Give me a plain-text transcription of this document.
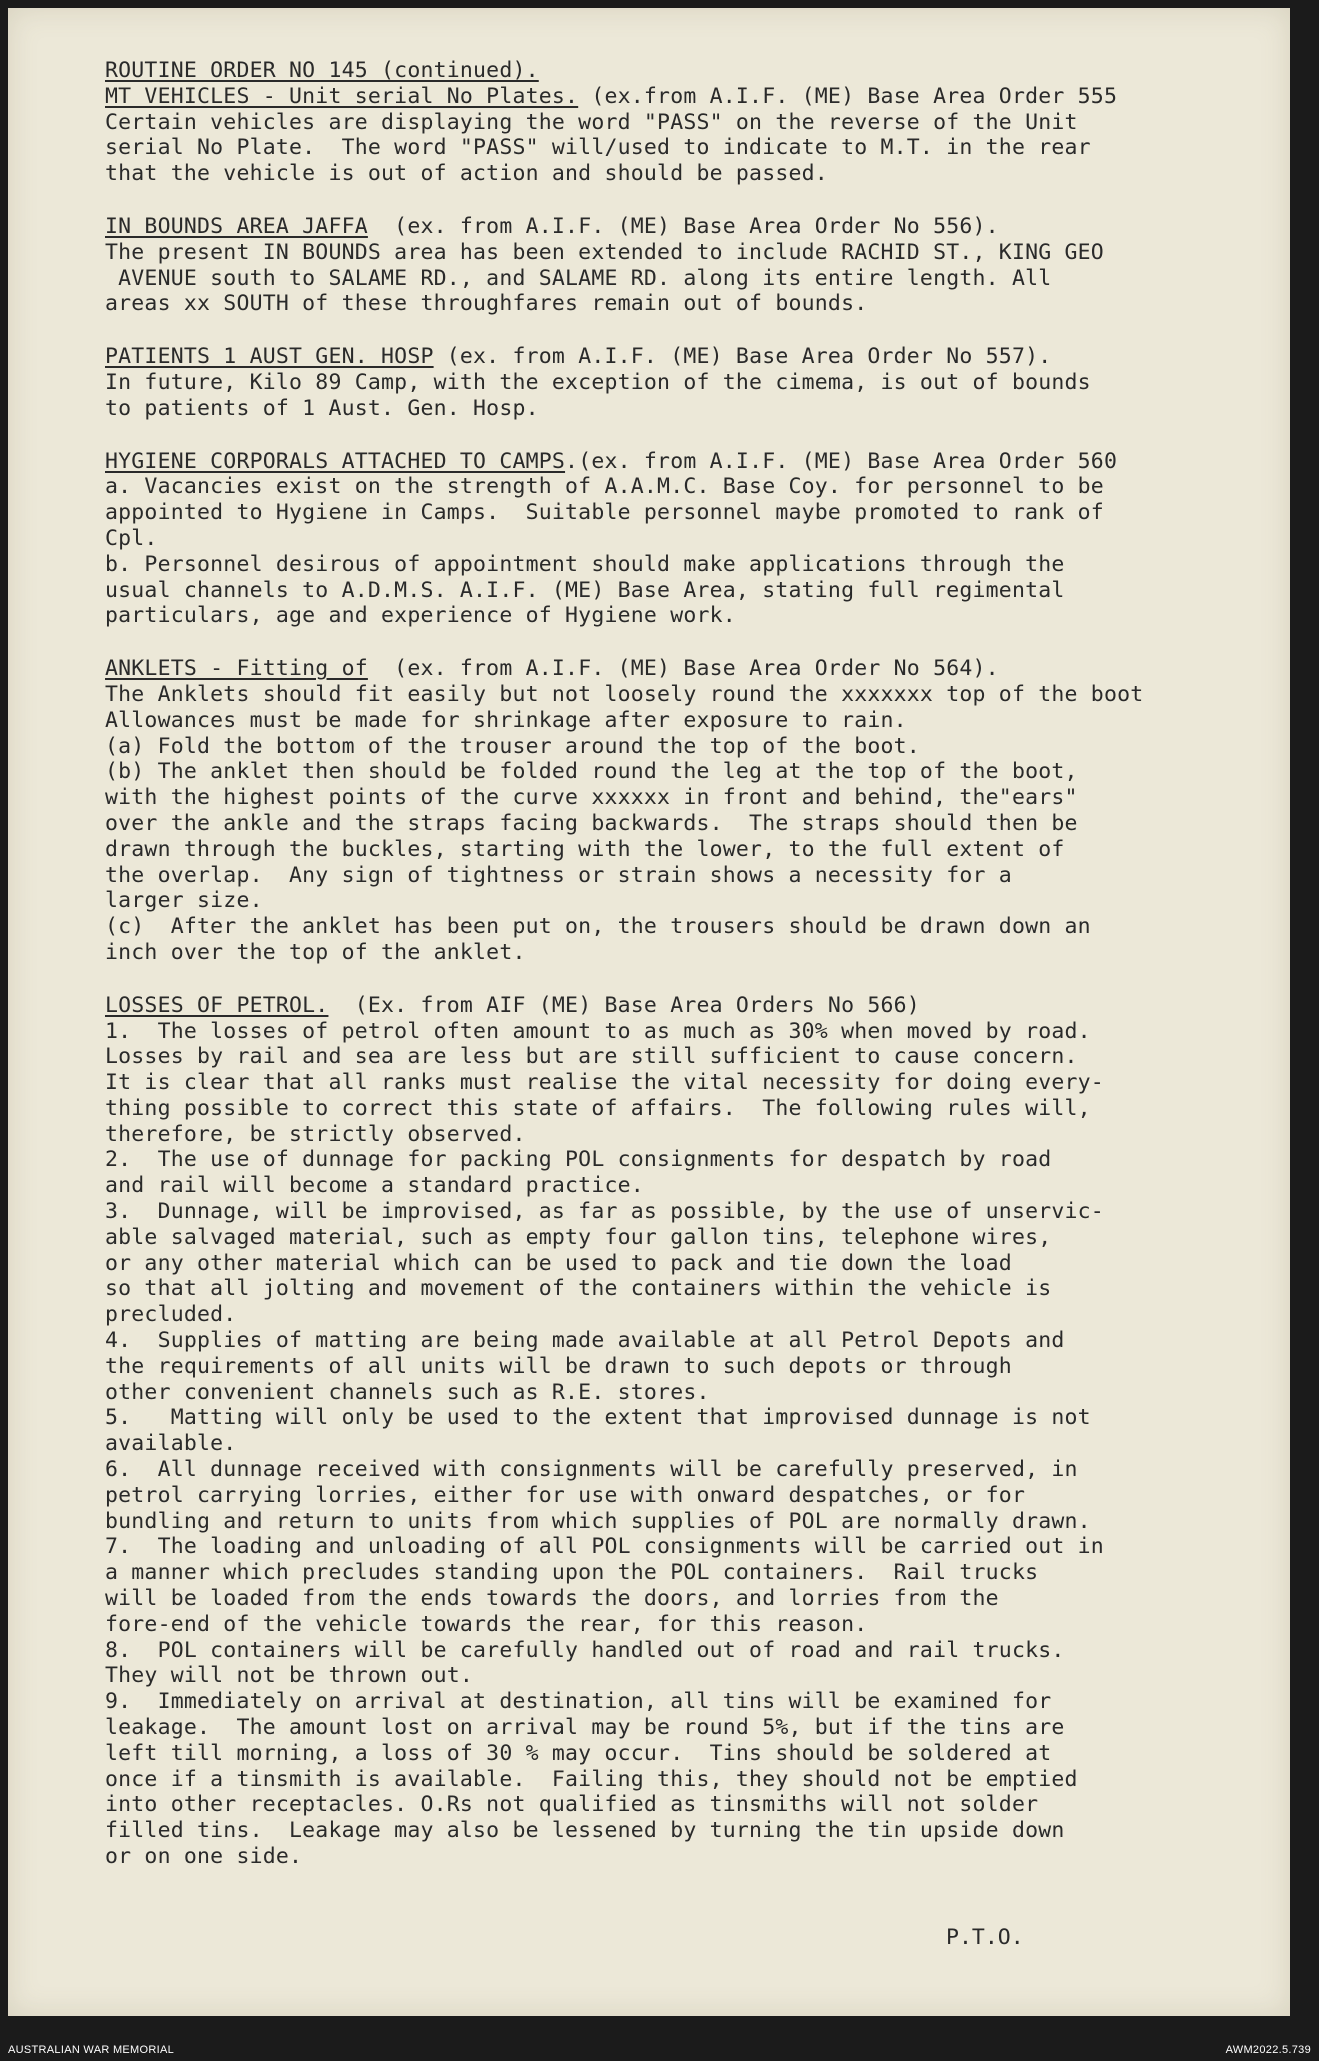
ROUTINE ORDER NO 145 (continued).

MT VEHICLES - Unit serial No Plates. (ex.from A.I.F. (ME) Base Area Order 555

Certain vehicles are displaying the word "PASS" on the reverse of the Unit

serial No Plate.  The word "PASS" will/used to indicate to M.T. in the rear

that the vehicle is out of action and should be passed.

IN BOUNDS AREA JAFFA  (ex. from A.I.F. (ME) Base Area Order No 556).

The present IN BOUNDS area has been extended to include RACHID ST., KING GEO

AVENUE south to SALAME RD., and SALAME RD. along its entire length. All

areas xx SOUTH of these throughfares remain out of bounds.

PATIENTS 1 AUST GEN. HOSP (ex. from A.I.F. (ME) Base Area Order No 557).

In future, Kilo 89 Camp, with the exception of the cimema, is out of bounds

to patients of 1 Aust. Gen. Hosp.

HYGIENE CORPORALS ATTACHED TO CAMPS.(ex. from A.I.F. (ME) Base Area Order 560

a. Vacancies exist on the strength of A.A.M.C. Base Coy. for personnel to be

appointed to Hygiene in Camps.  Suitable personnel maybe promoted to rank of

Cpl.

b. Personnel desirous of appointment should make applications through the

usual channels to A.D.M.S. A.I.F. (ME) Base Area, stating full regimental

particulars, age and experience of Hygiene work.

ANKLETS - Fitting of  (ex. from A.I.F. (ME) Base Area Order No 564).

The Anklets should fit easily but not loosely round the xxxxxxx top of the boot

Allowances must be made for shrinkage after exposure to rain.

(a) Fold the bottom of the trouser around the top of the boot.

(b) The anklet then should be folded round the leg at the top of the boot,

with the highest points of the curve xxxxxx in front and behind, the"ears"

over the ankle and the straps facing backwards.  The straps should then be

drawn through the buckles, starting with the lower, to the full extent of

the overlap.  Any sign of tightness or strain shows a necessity for a

larger size.

(c)  After the anklet has been put on, the trousers should be drawn down an

inch over the top of the anklet.

LOSSES OF PETROL.  (Ex. from AIF (ME) Base Area Orders No 566)

1.  The losses of petrol often amount to as much as 30% when moved by road.

Losses by rail and sea are less but are still sufficient to cause concern.

It is clear that all ranks must realise the vital necessity for doing every-

thing possible to correct this state of affairs.  The following rules will,

therefore, be strictly observed.

2.  The use of dunnage for packing POL consignments for despatch by road

and rail will become a standard practice.

3.  Dunnage, will be improvised, as far as possible, by the use of unservic-

able salvaged material, such as empty four gallon tins, telephone wires,

or any other material which can be used to pack and tie down the load

so that all jolting and movement of the containers within the vehicle is

precluded.

4.  Supplies of matting are being made available at all Petrol Depots and

the requirements of all units will be drawn to such depots or through

other convenient channels such as R.E. stores.

5.   Matting will only be used to the extent that improvised dunnage is not

available.

6.  All dunnage received with consignments will be carefully preserved, in

petrol carrying lorries, either for use with onward despatches, or for

bundling and return to units from which supplies of POL are normally drawn.

7.  The loading and unloading of all POL consignments will be carried out in

a manner which precludes standing upon the POL containers.  Rail trucks

will be loaded from the ends towards the doors, and lorries from the

fore-end of the vehicle towards the rear, for this reason.

8.  POL containers will be carefully handled out of road and rail trucks.

They will not be thrown out.

9.  Immediately on arrival at destination, all tins will be examined for

leakage.  The amount lost on arrival may be round 5%, but if the tins are

left till morning, a loss of 30 % may occur.  Tins should be soldered at

once if a tinsmith is available.  Failing this, they should not be emptied

into other receptacles. O.Rs not qualified as tinsmiths will not solder

filled tins.  Leakage may also be lessened by turning the tin upside down

or on one side.

P.T.O.
AUSTRALIAN WAR MEMORIAL	AWM2022.5.739
